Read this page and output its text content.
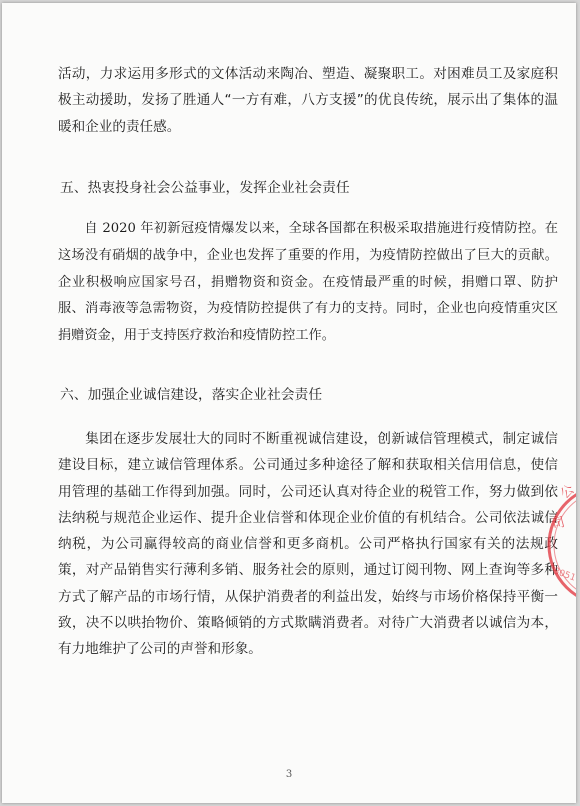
活动，力求运用多形式的文体活动来陶冶、塑造、凝聚职工。对困难员工及家庭积极主动援助，发扬了胜通人“一方有难，八方支援”的优良传统，展示出了集体的温暖和企业的责任感。

五、热衷投身社会公益事业，发挥企业社会责任

自 2020 年初新冠疫情爆发以来，全球各国都在积极采取措施进行疫情防控。在这场没有硝烟的战争中，企业也发挥了重要的作用，为疫情防控做出了巨大的贡献。 企业积极响应国家号召，捐赠物资和资金。在疫情最严重的时候，捐赠口罩、防护服、消毒液等急需物资，为疫情防控提供了有力的支持。同时，企业也向疫情重灾区捐赠资金，用于支持医疗救治和疫情防控工作。

六、加强企业诚信建设，落实企业社会责任

集团在逐步发展壮大的同时不断重视诚信建设，创新诚信管理模式，制定诚信建设目标，建立诚信管理体系。公司通过多种途径了解和获取相关信用信息，使信用管理的基础工作得到加强。同时，公司还认真对待企业的税管工作，努力做到依法纳税与规范企业运作、提升企业信誉和体现企业价值的有机结合。公司依法诚信纳税，为公司赢得较高的商业信誉和更多商机。公司严格执行国家有关的法规政策，对产品销售实行薄利多销、服务社会的原则，通过订阅刊物、网上查询等多种方式了解产品的市场行情，从保护消费者的利益出发，始终与市场价格保持平衡一致，决不以哄抬物价、策略倾销的方式欺瞒消费者。对待广大消费者以诚信为本，有力地维护了公司的声誉和形象。

公
司
3051
3
